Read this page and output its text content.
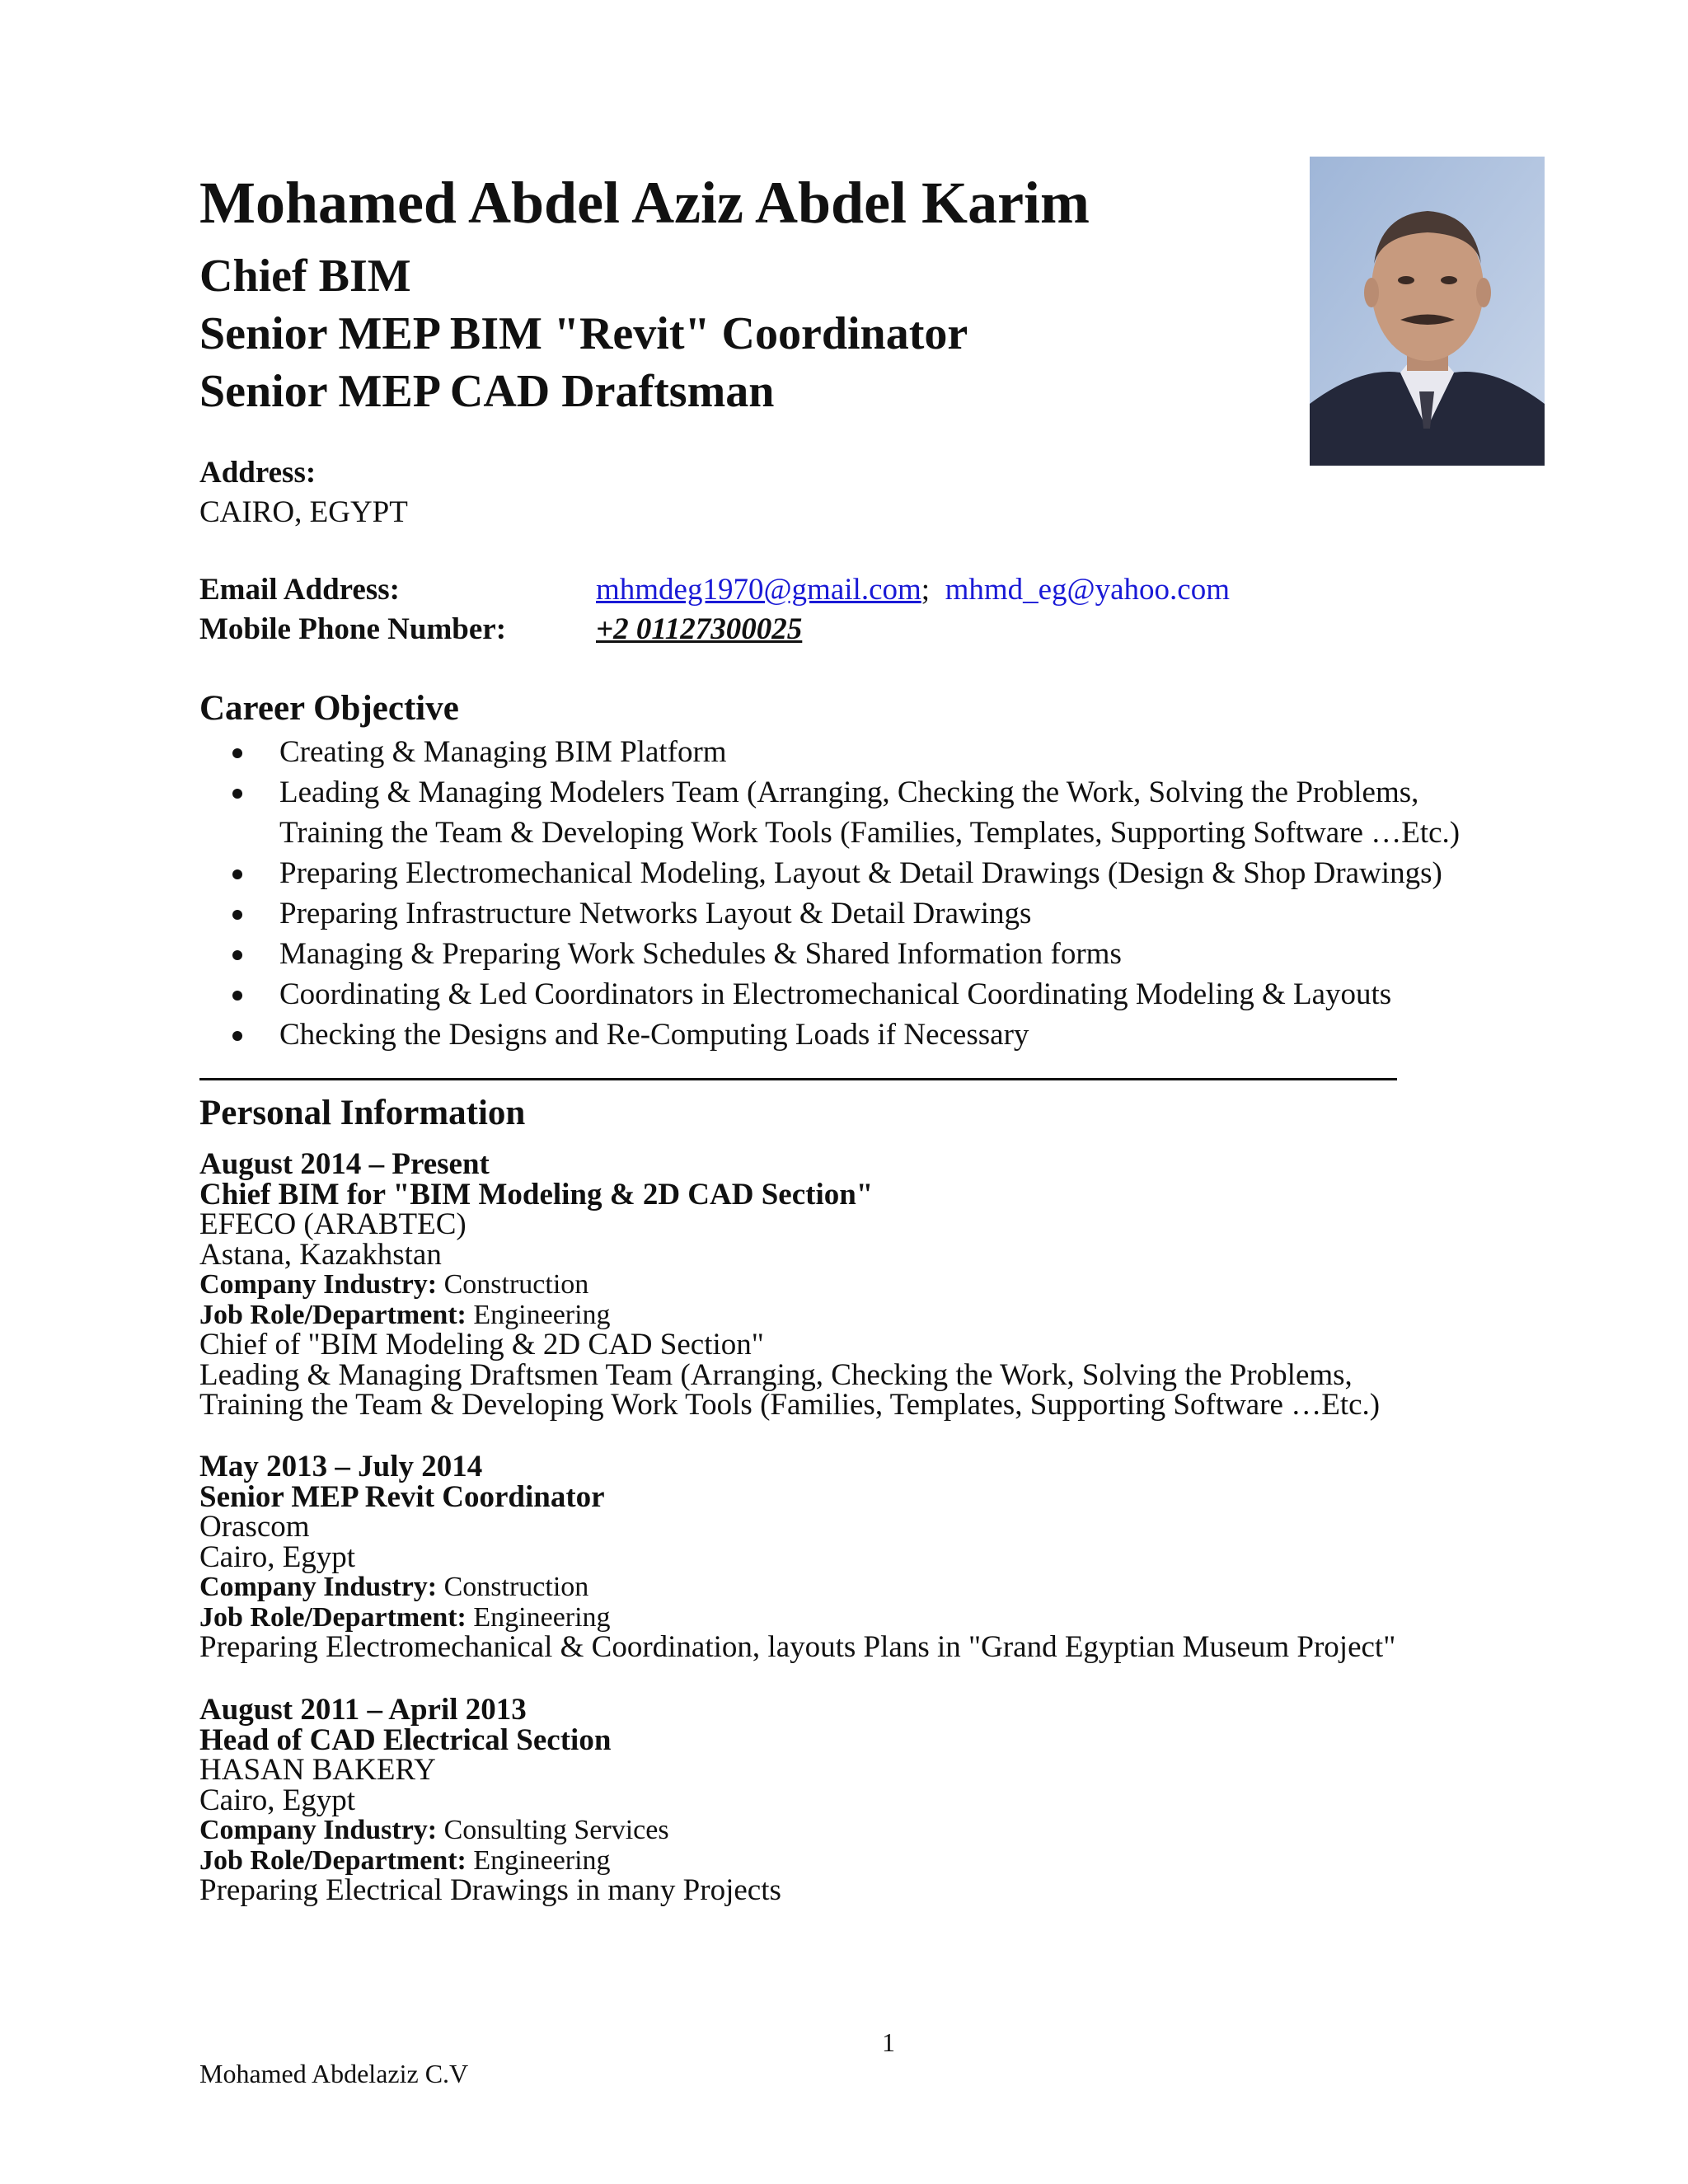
Mohamed Abdel Aziz Abdel Karim
Chief BIM
Senior MEP BIM "Revit" Coordinator
Senior MEP CAD Draftsman
Address:
CAIRO, EGYPT
Email Address:	mhmdeg1970@gmail.com; mhmd_eg@yahoo.com
Mobile Phone Number:	+2 01127300025
Career Objective
Creating & Managing BIM Platform
Leading & Managing Modelers Team (Arranging, Checking the Work, Solving the Problems,
Training the Team & Developing Work Tools (Families, Templates, Supporting Software …Etc.)
Preparing Electromechanical Modeling, Layout & Detail Drawings (Design & Shop Drawings)
Preparing Infrastructure Networks Layout & Detail Drawings
Managing & Preparing Work Schedules & Shared Information forms
Coordinating & Led Coordinators in Electromechanical Coordinating Modeling & Layouts
Checking the Designs and Re-Computing Loads if Necessary
Personal Information
August 2014 – Present
Chief BIM for "BIM Modeling & 2D CAD Section"
EFECO (ARABTEC)
Astana, Kazakhstan
Company Industry: Construction
Job Role/Department: Engineering
Chief of "BIM Modeling & 2D CAD Section"
Leading & Managing Draftsmen Team (Arranging, Checking the Work, Solving the Problems,
Training the Team & Developing Work Tools (Families, Templates, Supporting Software …Etc.)
May 2013 – July 2014
Senior MEP Revit Coordinator
Orascom
Cairo, Egypt
Company Industry: Construction
Job Role/Department: Engineering
Preparing Electromechanical & Coordination, layouts Plans in "Grand Egyptian Museum Project"
August 2011 – April 2013
Head of CAD Electrical Section
HASAN BAKERY
Cairo, Egypt
Company Industry: Consulting Services
Job Role/Department: Engineering
Preparing Electrical Drawings in many Projects
1
Mohamed Abdelaziz C.V
